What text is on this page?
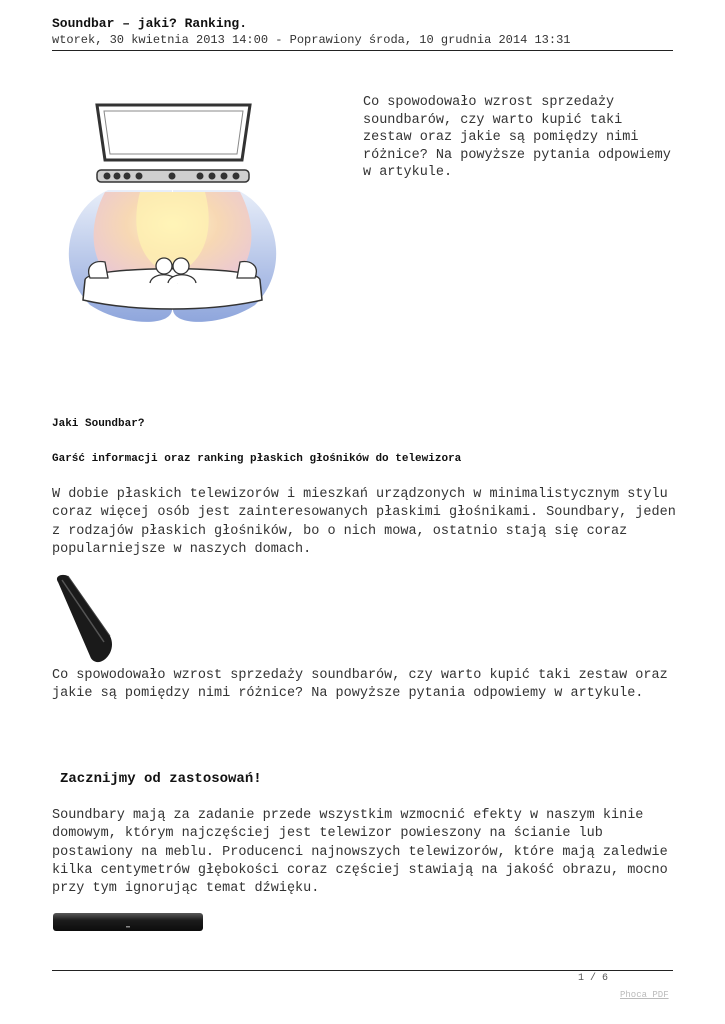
Soundbar – jaki? Ranking.
wtorek, 30 kwietnia 2013 14:00 - Poprawiony środa, 10 grudnia 2014 13:31
Co spowodowało wzrost sprzedaży soundbarów, czy warto kupić taki zestaw oraz jakie są pomiędzy nimi różnice? Na powyższe pytania odpowiemy w artykule.
Jaki Soundbar?
Garść informacji oraz ranking płaskich głośników do telewizora
W dobie płaskich telewizorów i mieszkań urządzonych w minimalistycznym stylu coraz więcej osób jest zainteresowanych płaskimi głośnikami. Soundbary, jeden z rodzajów płaskich głośników, bo o nich mowa, ostatnio stają się coraz popularniejsze w naszych domach.
Co spowodowało wzrost sprzedaży soundbarów, czy warto kupić taki zestaw oraz jakie są pomiędzy nimi różnice? Na powyższe pytania odpowiemy w artykule.
Zacznijmy od zastosowań!
Soundbary mają za zadanie przede wszystkim wzmocnić efekty w naszym kinie domowym, którym najczęściej jest telewizor powieszony na ścianie lub postawiony na meblu. Producenci najnowszych telewizorów, które mają zaledwie kilka centymetrów głębokości coraz częściej stawiają na jakość obrazu, mocno przy tym ignorując temat dźwięku.
1 / 6
Phoca PDF
